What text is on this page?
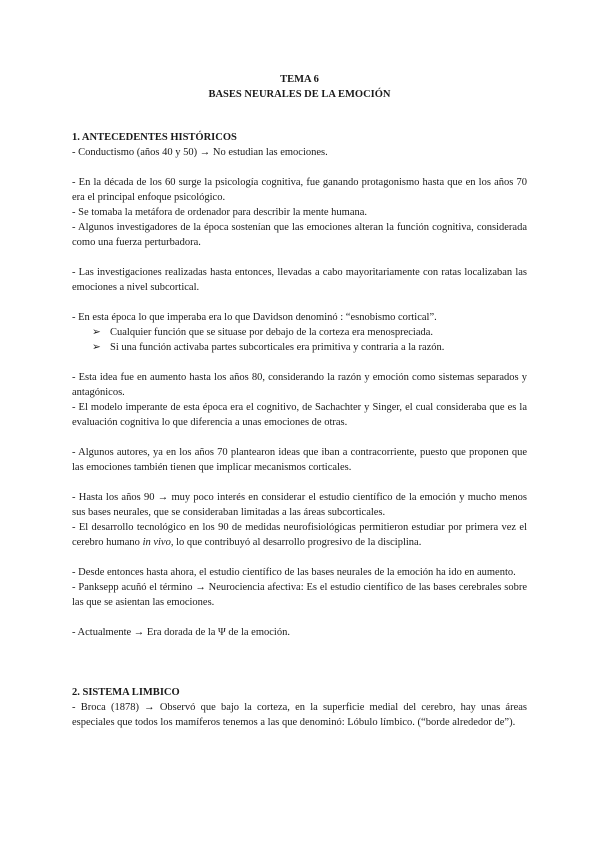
TEMA 6
BASES NEURALES DE LA EMOCIÓN
1. ANTECEDENTES HISTÓRICOS

- Conductismo (años 40 y 50) → No estudian las emociones.

- En la década de los 60 surge la psicología cognitiva, fue ganando protagonismo hasta que en los años 70 era el principal enfoque psicológico.

- Se tomaba la metáfora de ordenador para describir la mente humana.

- Algunos investigadores de la época sostenían que las emociones alteran la función cognitiva, considerada como una fuerza perturbadora.

- Las investigaciones realizadas hasta entonces, llevadas a cabo mayoritariamente con ratas localizaban las emociones a nivel subcortical.

- En esta época lo que imperaba era lo que Davidson denominó : “esnobismo cortical”.

➢ Cualquier función que se situase por debajo de la corteza era menospreciada.
➢ Si una función activaba partes subcorticales era primitiva y contraria a la razón.

- Esta idea fue en aumento hasta los años 80, considerando la razón y emoción como sistemas separados y antagónicos.

- El modelo imperante de esta época era el cognitivo, de Sachachter y Singer, el cual consideraba que es la evaluación cognitiva lo que diferencia a unas emociones de otras.

- Algunos autores, ya en los años 70 plantearon ideas que iban a contracorriente, puesto que proponen que las emociones también tienen que implicar mecanismos corticales.

- Hasta los años 90 → muy poco interés en considerar el estudio científico de la emoción y mucho menos sus bases neurales, que se consideraban limitadas a las áreas subcorticales.

- El desarrollo tecnológico en los 90 de medidas neurofisiológicas permitieron estudiar por primera vez el cerebro humano in vivo, lo que contribuyó al desarrollo progresivo de la disciplina.

- Desde entonces hasta ahora, el estudio científico de las bases neurales de la emoción ha ido en aumento.

- Panksepp acuñó el término → Neurociencia afectiva: Es el estudio científico de las bases cerebrales sobre las que se asientan las emociones.

- Actualmente → Era dorada de la Ψ de la emoción.

2. SISTEMA LIMBICO

- Broca (1878) → Observó que bajo la corteza, en la superficie medial del cerebro, hay unas áreas especiales que todos los mamíferos tenemos a las que denominó: Lóbulo límbico. (“borde alrededor de”).
